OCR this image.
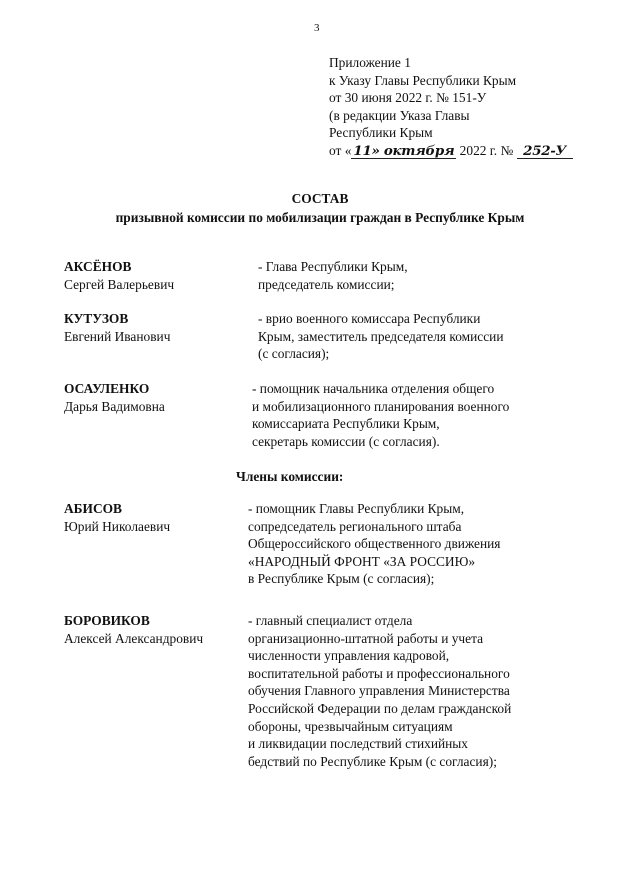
3
Приложение 1
к Указу Главы Республики Крым
от 30 июня 2022 г. № 151-У
(в редакции Указа Главы
Республики Крым
от « 11» октября 2022 г. № 252-У
СОСТАВ
призывной комиссии по мобилизации граждан в Республике Крым
АКСЁНОВ
Сергей Валерьевич
- Глава Республики Крым,
председатель комиссии;
КУТУЗОВ
Евгений Иванович
- врио военного комиссара Республики
Крым, заместитель председателя комиссии
(с согласия);
ОСАУЛЕНКО
Дарья Вадимовна
- помощник начальника отделения общего
и мобилизационного планирования военного
комиссариата Республики Крым,
секретарь комиссии (с согласия).
Члены комиссии:
АБИСОВ
Юрий Николаевич
- помощник Главы Республики Крым,
сопредседатель регионального штаба
Общероссийского общественного движения
«НАРОДНЫЙ ФРОНТ «ЗА РОССИЮ»
в Республике Крым (с согласия);
БОРОВИКОВ
Алексей Александрович
- главный специалист отдела
организационно-штатной работы и учета
численности управления кадровой,
воспитательной работы и профессионального
обучения Главного управления Министерства
Российской Федерации по делам гражданской
обороны, чрезвычайным ситуациям
и ликвидации последствий стихийных
бедствий по Республике Крым (с согласия);
